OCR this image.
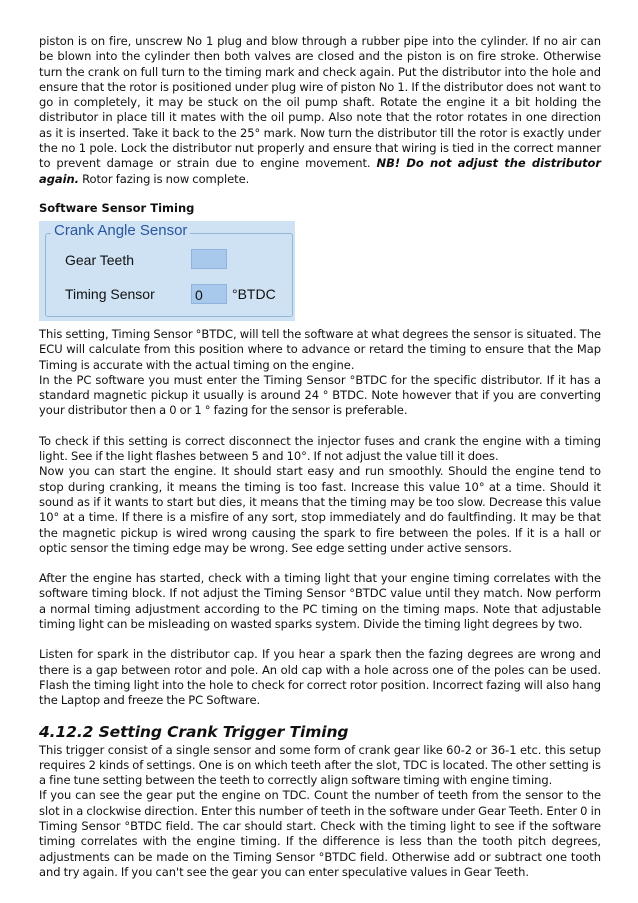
piston is on fire, unscrew No 1 plug and blow through a rubber pipe into the cylinder. If no air can be blown into the cylinder then both valves are closed and the piston is on fire stroke. Otherwise turn the crank on full turn to the timing mark and check again. Put the distributor into the hole and ensure that the rotor is positioned under plug wire of piston No 1. If the distributor does not want to go in completely, it may be stuck on the oil pump shaft. Rotate the engine it a bit holding the distributor in place till it mates with the oil pump. Also note that the rotor rotates in one direction as it is inserted. Take it back to the 25° mark. Now turn the distributor till the rotor is exactly under the no 1 pole. Lock the distributor nut properly and ensure that wiring is tied in the correct manner to prevent damage or strain due to engine movement. NB! Do not adjust the distributor again. Rotor fazing is now complete.

Software Sensor Timing
Crank Angle Sensor
Gear Teeth
Timing Sensor	0	°BTDC

This setting, Timing Sensor °BTDC, will tell the software at what degrees the sensor is situated. The ECU will calculate from this position where to advance or retard the timing to ensure that the Map Timing is accurate with the actual timing on the engine.

In the PC software you must enter the Timing Sensor °BTDC for the specific distributor. If it has a standard magnetic pickup it usually is around 24 ° BTDC. Note however that if you are converting your distributor then a 0 or 1 ° fazing for the sensor is preferable.

To check if this setting is correct disconnect the injector fuses and crank the engine with a timing light. See if the light flashes between 5 and 10°. If not adjust the value till it does.

Now you can start the engine. It should start easy and run smoothly. Should the engine tend to stop during cranking, it means the timing is too fast. Increase this value 10° at a time. Should it sound as if it wants to start but dies, it means that the timing may be too slow. Decrease this value 10° at a time. If there is a misfire of any sort, stop immediately and do faultfinding. It may be that the magnetic pickup is wired wrong causing the spark to fire between the poles. If it is a hall or optic sensor the timing edge may be wrong. See edge setting under active sensors.

After the engine has started, check with a timing light that your engine timing correlates with the software timing block. If not adjust the Timing Sensor °BTDC value until they match. Now perform a normal timing adjustment according to the PC timing on the timing maps. Note that adjustable timing light can be misleading on wasted sparks system. Divide the timing light degrees by two.

Listen for spark in the distributor cap. If you hear a spark then the fazing degrees are wrong and there is a gap between rotor and pole. An old cap with a hole across one of the poles can be used. Flash the timing light into the hole to check for correct rotor position. Incorrect fazing will also hang the Laptop and freeze the PC Software.

4.12.2 Setting Crank Trigger Timing

This trigger consist of a single sensor and some form of crank gear like 60-2 or 36-1 etc. this setup requires 2 kinds of settings. One is on which teeth after the slot, TDC is located. The other setting is a fine tune setting between the teeth to correctly align software timing with engine timing.

If you can see the gear put the engine on TDC. Count the number of teeth from the sensor to the slot in a clockwise direction. Enter this number of teeth in the software under Gear Teeth. Enter 0 in Timing Sensor °BTDC field. The car should start. Check with the timing light to see if the software timing correlates with the engine timing. If the difference is less than the tooth pitch degrees, adjustments can be made on the Timing Sensor °BTDC field. Otherwise add or subtract one tooth and try again. If you can't see the gear you can enter speculative values in Gear Teeth.
